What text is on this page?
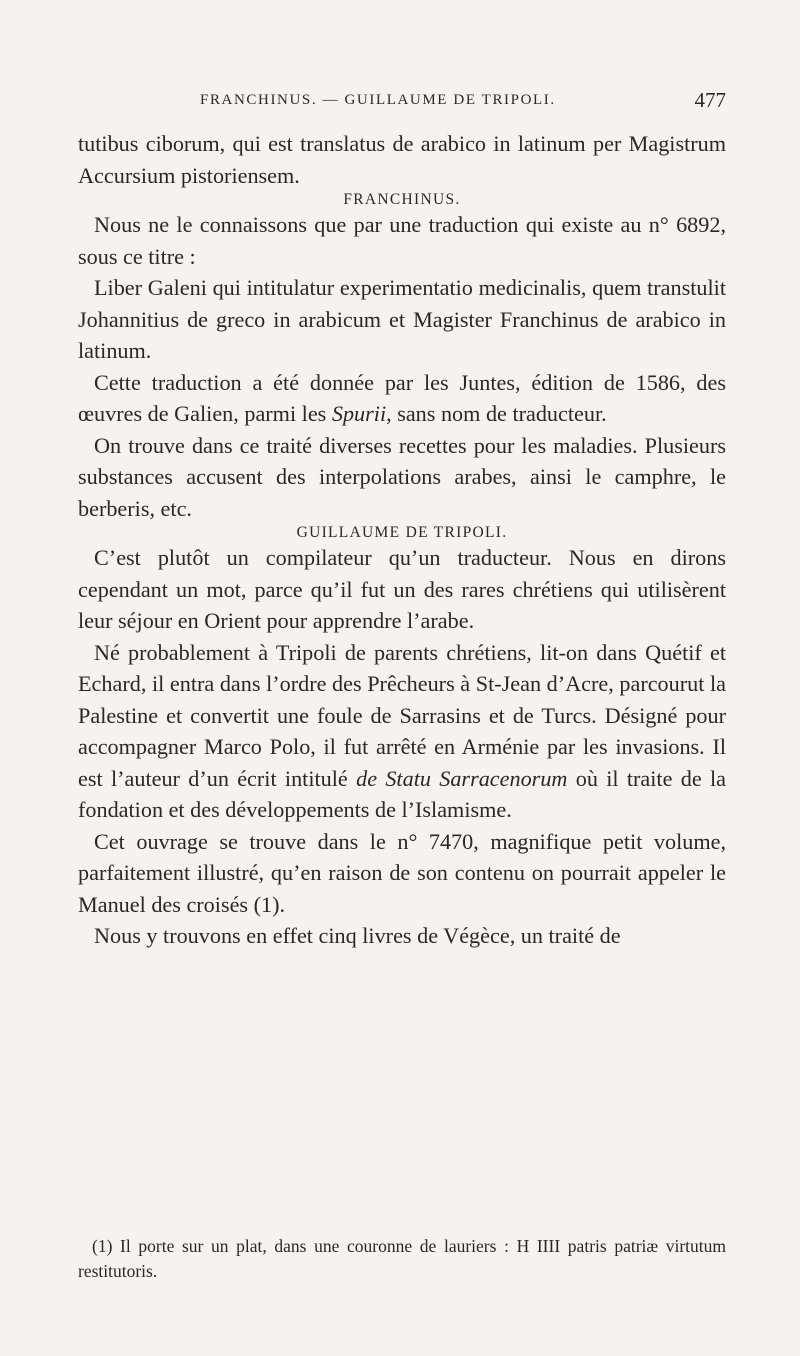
FRANCHINUS. — GUILLAUME DE TRIPOLI.	477

tutibus ciborum, qui est translatus de arabico in latinum per Magistrum Accursium pistoriensem.

FRANCHINUS.

Nous ne le connaissons que par une traduction qui existe au n° 6892, sous ce titre :

Liber Galeni qui intitulatur experimentatio medicinalis, quem transtulit Johannitius de greco in arabicum et Magister Franchinus de arabico in latinum.

Cette traduction a été donnée par les Juntes, édition de 1586, des œuvres de Galien, parmi les Spurii, sans nom de traducteur.

On trouve dans ce traité diverses recettes pour les maladies. Plusieurs substances accusent des interpolations arabes, ainsi le camphre, le berberis, etc.

GUILLAUME DE TRIPOLI.

C’est plutôt un compilateur qu’un traducteur. Nous en dirons cependant un mot, parce qu’il fut un des rares chrétiens qui utilisèrent leur séjour en Orient pour apprendre l’arabe.

Né probablement à Tripoli de parents chrétiens, lit-on dans Quétif et Echard, il entra dans l’ordre des Prêcheurs à St-Jean d’Acre, parcourut la Palestine et convertit une foule de Sarrasins et de Turcs. Désigné pour accompagner Marco Polo, il fut arrêté en Arménie par les invasions. Il est l’auteur d’un écrit intitulé de Statu Sarracenorum où il traite de la fondation et des développements de l’Islamisme.

Cet ouvrage se trouve dans le n° 7470, magnifique petit volume, parfaitement illustré, qu’en raison de son contenu on pourrait appeler le Manuel des croisés (1).

Nous y trouvons en effet cinq livres de Végèce, un traité de

(1) Il porte sur un plat, dans une couronne de lauriers : H IIII patris patriæ virtutum restitutoris.
